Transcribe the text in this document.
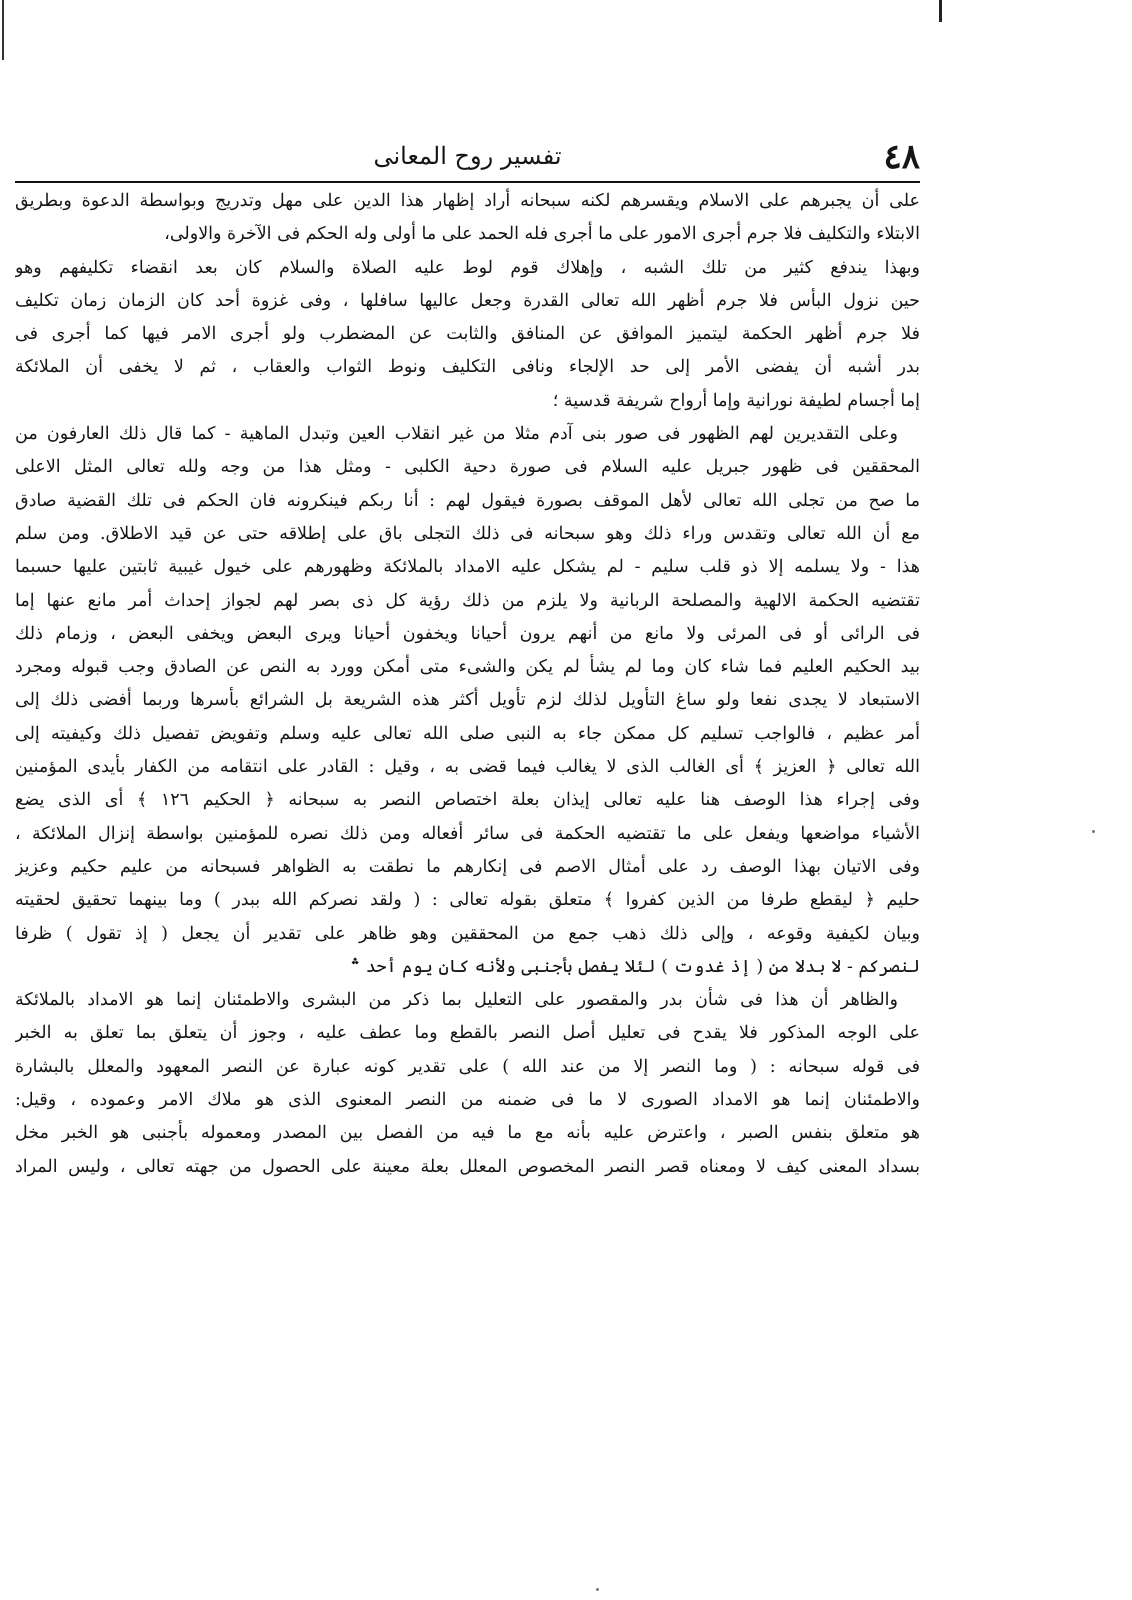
٤٨
تفسير روح المعانى
على أن يجبرهم على الاسلام ويقسرهم لكنه سبحانه أراد إظهار هذا الدين على مهل وتدريج وبواسطة الدعوة وبطريق
الابتلاء والتكليف فلا جرم أجرى الامور على ما أجرى فله الحمد على ما أولى وله الحكم فى الآخرة والاولى،
وبهذا يندفع كثير من تلك الشبه ، وإهلاك قوم لوط عليه الصلاة والسلام كان بعد انقضاء تكليفهم وهو
حين نزول البأس فلا جرم أظهر الله تعالى القدرة وجعل عاليها سافلها ، وفى غزوة أحد كان الزمان زمان تكليف
فلا جرم أظهر الحكمة ليتميز الموافق عن المنافق والثابت عن المضطرب ولو أجرى الامر فيها كما أجرى فى
بدر أشبه أن يفضى الأمر إلى حد الإلجاء ونافى التكليف ونوط الثواب والعقاب ، ثم لا يخفى أن الملائكة
إما أجسام لطيفة نورانية وإما أرواح شريفة قدسية ؛
وعلى التقديرين لهم الظهور فى صور بنى آدم مثلا من غير انقلاب العين وتبدل الماهية - كما قال ذلك العارفون من
المحققين فى ظهور جبريل عليه السلام فى صورة دحية الكلبى - ومثل هذا من وجه ولله تعالى المثل الاعلى
ما صح من تجلى الله تعالى لأهل الموقف بصورة فيقول لهم : أنا ربكم فينكرونه فان الحكم فى تلك القضية صادق
مع أن الله تعالى وتقدس وراء ذلك وهو سبحانه فى ذلك التجلى باق على إطلاقه حتى عن قيد الاطلاق. ومن سلم
هذا - ولا يسلمه إلا ذو قلب سليم - لم يشكل عليه الامداد بالملائكة وظهورهم على خيول غيبية ثابتين عليها حسبما
تقتضيه الحكمة الالهية والمصلحة الربانية ولا يلزم من ذلك رؤية كل ذى بصر لهم لجواز إحداث أمر مانع عنها إما
فى الرائى أو فى المرئى ولا مانع من أنهم يرون أحيانا ويخفون أحيانا ويرى البعض ويخفى البعض ، وزمام ذلك
بيد الحكيم العليم فما شاء كان وما لم يشأ لم يكن والشىء متى أمكن وورد به النص عن الصادق وجب قبوله ومجرد
الاستبعاد لا يجدى نفعا ولو ساغ التأويل لذلك لزم تأويل أكثر هذه الشريعة بل الشرائع بأسرها وربما أفضى ذلك إلى
أمر عظيم ، فالواجب تسليم كل ممكن جاء به النبى صلى الله تعالى عليه وسلم وتفويض تفصيل ذلك وكيفيته إلى
الله تعالى ﴿ العزيز ﴾ أى الغالب الذى لا يغالب فيما قضى به ، وقيل : القادر على انتقامه من الكفار بأيدى المؤمنين
وفى إجراء هذا الوصف هنا عليه تعالى إيذان بعلة اختصاص النصر به سبحانه ﴿ الحكيم ١٢٦ ﴾ أى الذى يضع
الأشياء مواضعها ويفعل على ما تقتضيه الحكمة فى سائر أفعاله ومن ذلك نصره للمؤمنين بواسطة إنزال الملائكة ،
وفى الاتيان بهذا الوصف رد على أمثال الاصم فى إنكارهم ما نطقت به الظواهر فسبحانه من عليم حكيم وعزيز
حليم ﴿ ليقطع طرفا من الذين كفروا ﴾ متعلق بقوله تعالى : ( ولقد نصركم الله ببدر ) وما بينهما تحقيق لحقيته
وبيان لكيفية وقوعه ، وإلى ذلك ذهب جمع من المحققين وهو ظاهر على تقدير أن يجعل ( إذ تقول ) ظرفا
لنصركم - لا بدلا من ( إذ غدوت ) لئلا يفصل بأجنبى ولأنه كان يوم أحد ؞
والظاهر أن هذا فى شأن بدر والمقصور على التعليل بما ذكر من البشرى والاطمئنان إنما هو الامداد بالملائكة
على الوجه المذكور فلا يقدح فى تعليل أصل النصر بالقطع وما عطف عليه ، وجوز أن يتعلق بما تعلق به الخبر
فى قوله سبحانه : ( وما النصر إلا من عند الله ) على تقدير كونه عبارة عن النصر المعهود والمعلل بالبشارة
والاطمئنان إنما هو الامداد الصورى لا ما فى ضمنه من النصر المعنوى الذى هو ملاك الامر وعموده ، وقيل:
هو متعلق بنفس الصبر ، واعترض عليه بأنه مع ما فيه من الفصل بين المصدر ومعموله بأجنبى هو الخبر مخل
بسداد المعنى كيف لا ومعناه قصر النصر المخصوص المعلل بعلة معينة على الحصول من جهته تعالى ، وليس المراد
